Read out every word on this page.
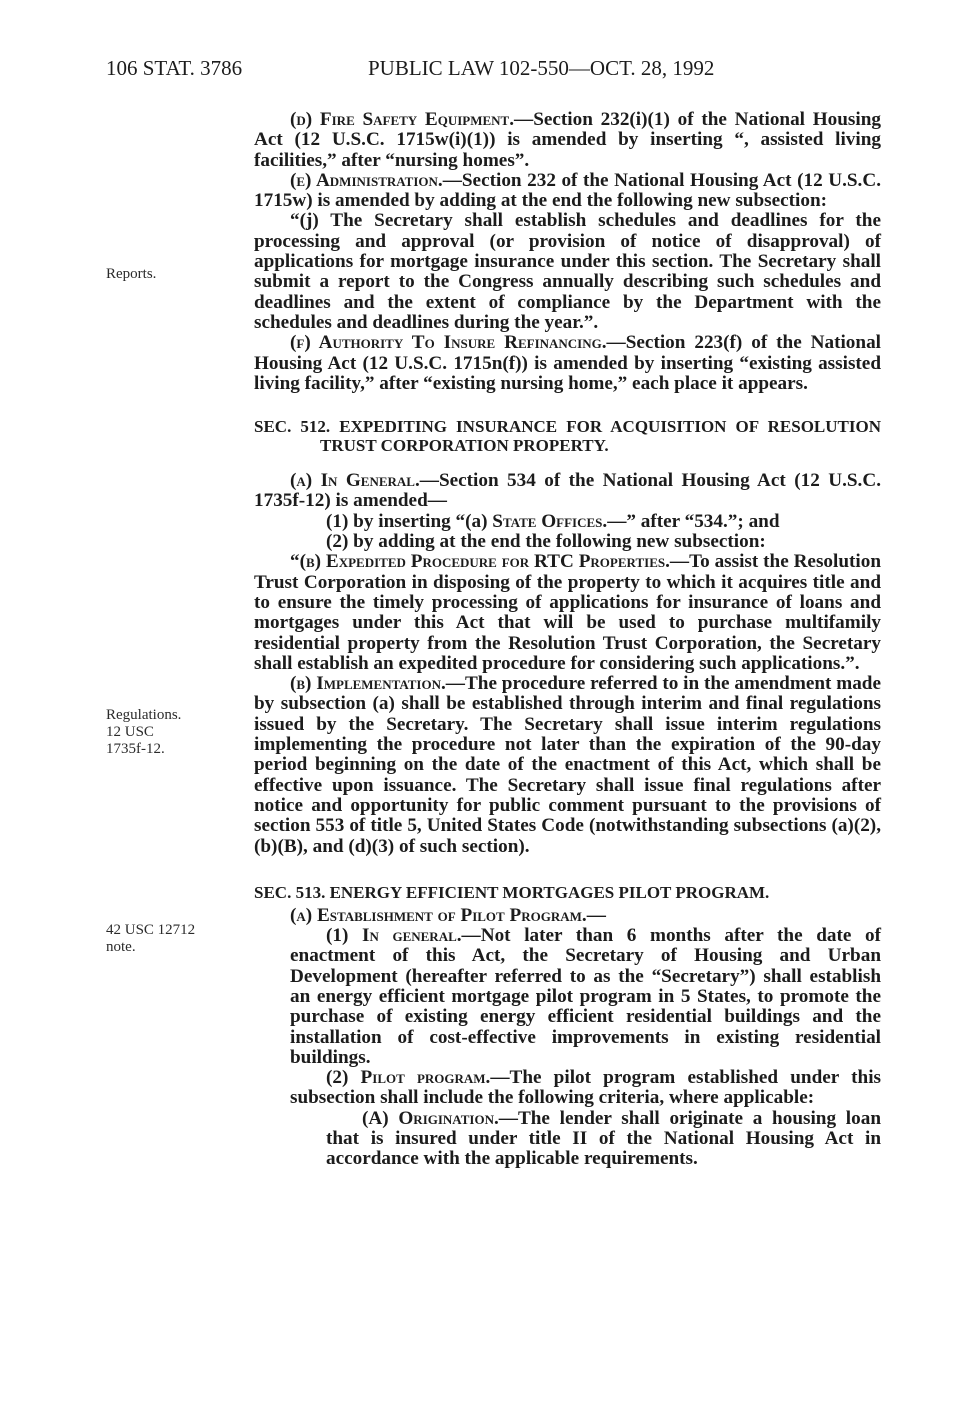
106 STAT. 3786	PUBLIC LAW 102-550—OCT. 28, 1992
Reports.
Regulations.
12 USC
1735f-12.
42 USC 12712
note.

(d) Fire Safety Equipment.—Section 232(i)(1) of the National Housing Act (12 U.S.C. 1715w(i)(1)) is amended by inserting “, assisted living facilities,” after “nursing homes”.

(e) Administration.—Section 232 of the National Housing Act (12 U.S.C. 1715w) is amended by adding at the end the following new subsection:

“(j) The Secretary shall establish schedules and deadlines for the processing and approval (or provision of notice of disapproval) of applications for mortgage insurance under this section. The Secretary shall submit a report to the Congress annually describing such schedules and deadlines and the extent of compliance by the Department with the schedules and deadlines during the year.”.

(f) Authority To Insure Refinancing.—Section 223(f) of the National Housing Act (12 U.S.C. 1715n(f)) is amended by inserting “existing assisted living facility,” after “existing nursing home,” each place it appears.

SEC. 512. EXPEDITING INSURANCE FOR ACQUISITION OF RESOLUTION TRUST CORPORATION PROPERTY.

(a) In General.—Section 534 of the National Housing Act (12 U.S.C. 1735f-12) is amended—

(1) by inserting “(a) State Offices.—” after “534.”; and

(2) by adding at the end the following new subsection:

“(b) Expedited Procedure for RTC Properties.—To assist the Resolution Trust Corporation in disposing of the property to which it acquires title and to ensure the timely processing of applications for insurance of loans and mortgages under this Act that will be used to purchase multifamily residential property from the Resolution Trust Corporation, the Secretary shall establish an expedited procedure for considering such applications.”.

(b) Implementation.—The procedure referred to in the amendment made by subsection (a) shall be established through interim and final regulations issued by the Secretary. The Secretary shall issue interim regulations implementing the procedure not later than the expiration of the 90-day period beginning on the date of the enactment of this Act, which shall be effective upon issuance. The Secretary shall issue final regulations after notice and opportunity for public comment pursuant to the provisions of section 553 of title 5, United States Code (notwithstanding subsections (a)(2), (b)(B), and (d)(3) of such section).

SEC. 513. ENERGY EFFICIENT MORTGAGES PILOT PROGRAM.

(a) Establishment of Pilot Program.—

(1) In general.—Not later than 6 months after the date of enactment of this Act, the Secretary of Housing and Urban Development (hereafter referred to as the “Secretary”) shall establish an energy efficient mortgage pilot program in 5 States, to promote the purchase of existing energy efficient residential buildings and the installation of cost-effective improvements in existing residential buildings.

(2) Pilot program.—The pilot program established under this subsection shall include the following criteria, where applicable:

(A) Origination.—The lender shall originate a housing loan that is insured under title II of the National Housing Act in accordance with the applicable requirements.
